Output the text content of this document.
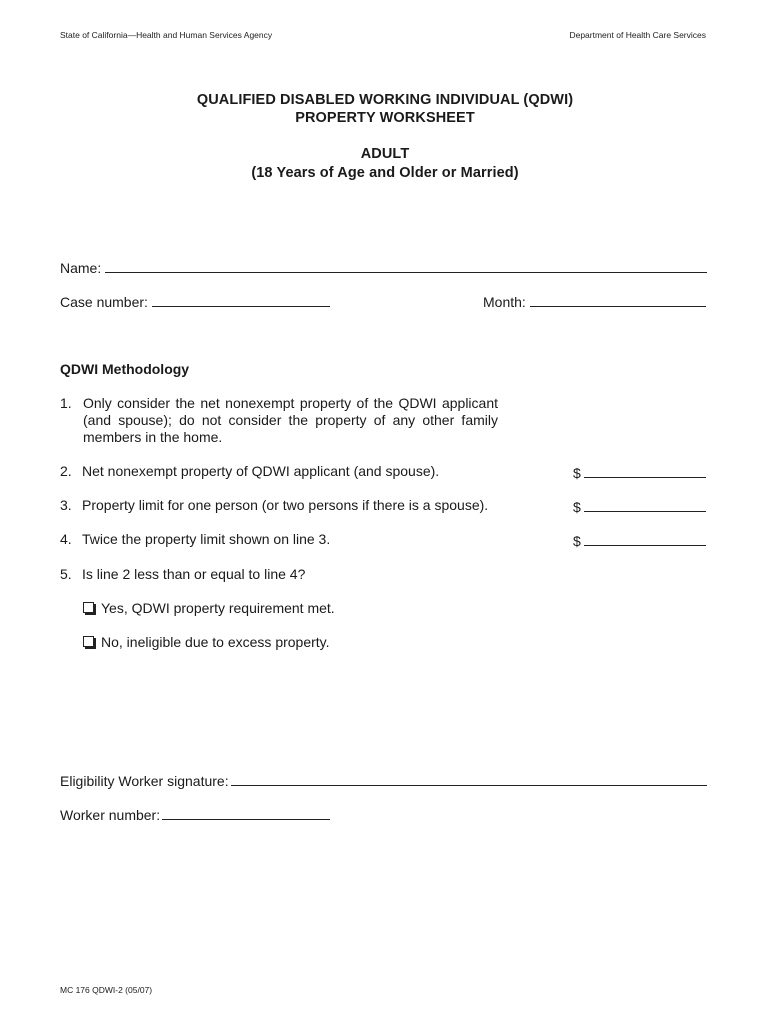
State of California—Health and Human Services Agency	Department of Health Care Services
QUALIFIED DISABLED WORKING INDIVIDUAL (QDWI)
PROPERTY WORKSHEET
ADULT
(18 Years of Age and Older or Married)
Name:
Case number:	Month:
QDWI Methodology
1. Only consider the net nonexempt property of the QDWI applicant (and spouse); do not consider the property of any other family members in the home.
2. Net nonexempt property of QDWI applicant (and spouse).	$
3. Property limit for one person (or two persons if there is a spouse).	$
4. Twice the property limit shown on line 3.	$
5. Is line 2 less than or equal to line 4?
Yes, QDWI property requirement met.
No, ineligible due to excess property.
Eligibility Worker signature:
Worker number:
MC 176 QDWI-2 (05/07)
